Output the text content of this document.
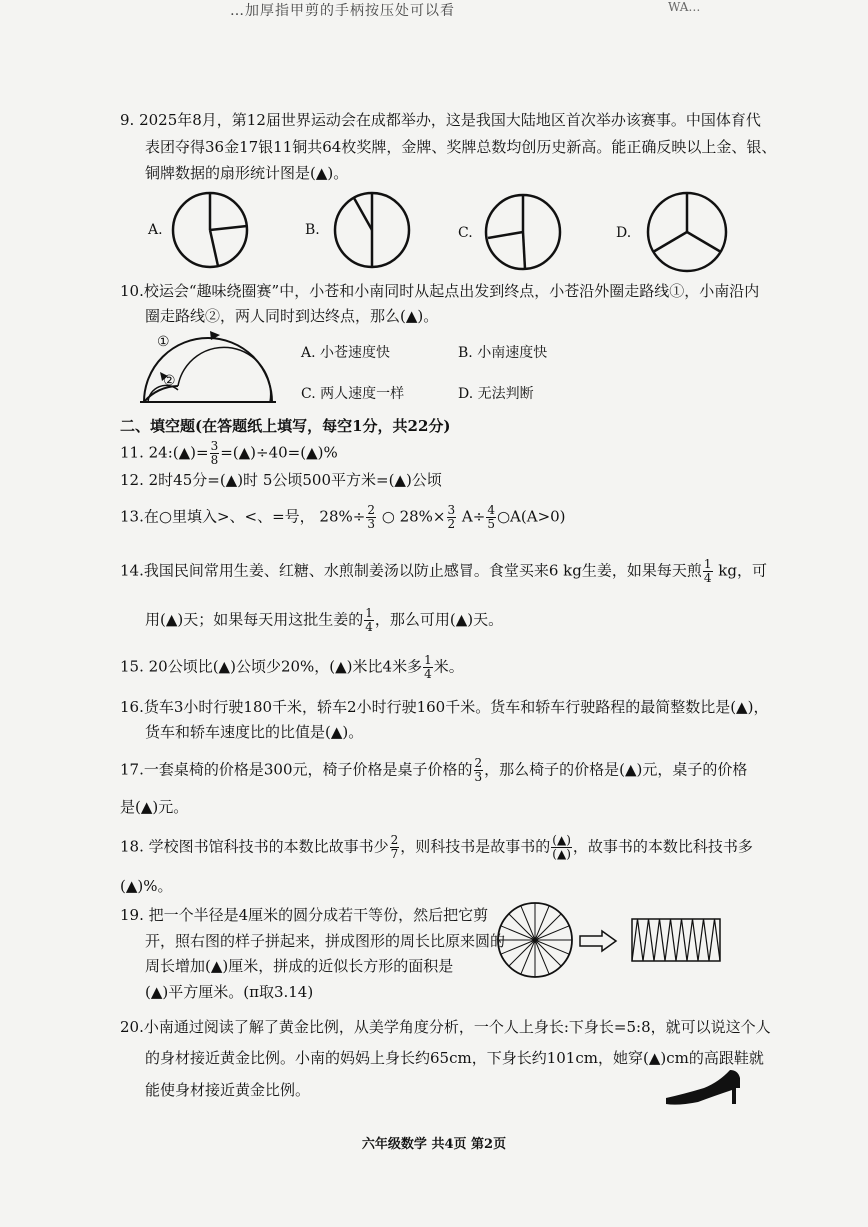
…加厚指甲剪的手柄按压处可以看	WA…
9. 2025年8月，第12届世界运动会在成都举办，这是我国大陆地区首次举办该赛事。中国体育代
表团夺得36金17银11铜共64枚奖牌，金牌、奖牌总数均创历史新高。能正确反映以上金、银、
铜牌数据的扇形统计图是(▲)。
A.	B.	C.	D.
10.校运会“趣味绕圈赛”中，小苍和小南同时从起点出发到终点，小苍沿外圈走路线①，小南沿内
圈走路线②，两人同时到达终点，那么(▲)。
①
②
A. 小苍速度快	B. 小南速度快
C. 两人速度一样	D. 无法判断
二、填空题(在答题纸上填写，每空1分，共22分)
11. 24:(▲)= $\frac{3}{8}$ =(▲)÷40=(▲)%
12. 2时45分=(▲)时 5公顷500平方米=(▲)公顷
13.在○里填入>、<、=号， $28\%\div \frac{2}{3}$ ○ $28\%\times \frac{3}{2} A\div \frac{4}{5}$ ○A(A>0)
14.我国民间常用生姜、红糖、水煎制姜汤以防止感冒。食堂买来6 kg生姜，如果每天煎 $\frac{1}{4}$ kg，可
用(▲)天；如果每天用这批生姜的 $\frac{1}{4}$ ，那么可用(▲)天。
15. 20公顷比(▲)公顷少20%，(▲)米比4米多 $\frac{1}{4}$ 米。
16.货车3小时行驶180千米，轿车2小时行驶160千米。货车和轿车行驶路程的最简整数比是(▲)，
货车和轿车速度比的比值是(▲)。
17.一套桌椅的价格是300元，椅子价格是桌子价格的 $\frac{2}{3}$ ，那么椅子的价格是(▲)元，桌子的价格
是(▲)元。
18. 学校图书馆科技书的本数比故事书少 $\frac{2}{7}$ ，则科技书是故事书的 $\frac{(▲)}{(▲)}$ ，故事书的本数比科技书多
(▲)%。
19. 把一个半径是4厘米的圆分成若干等份，然后把它剪
开，照右图的样子拼起来，拼成图形的周长比原来圆的
周长增加(▲)厘米，拼成的近似长方形的面积是
(▲)平方厘米。(π取3.14)
20.小南通过阅读了解了黄金比例，从美学角度分析，一个人上身长:下身长=5:8，就可以说这个人
的身材接近黄金比例。小南的妈妈上身长约65cm，下身长约101cm，她穿(▲)cm的高跟鞋就
能使身材接近黄金比例。
六年级数学 共4页 第2页
